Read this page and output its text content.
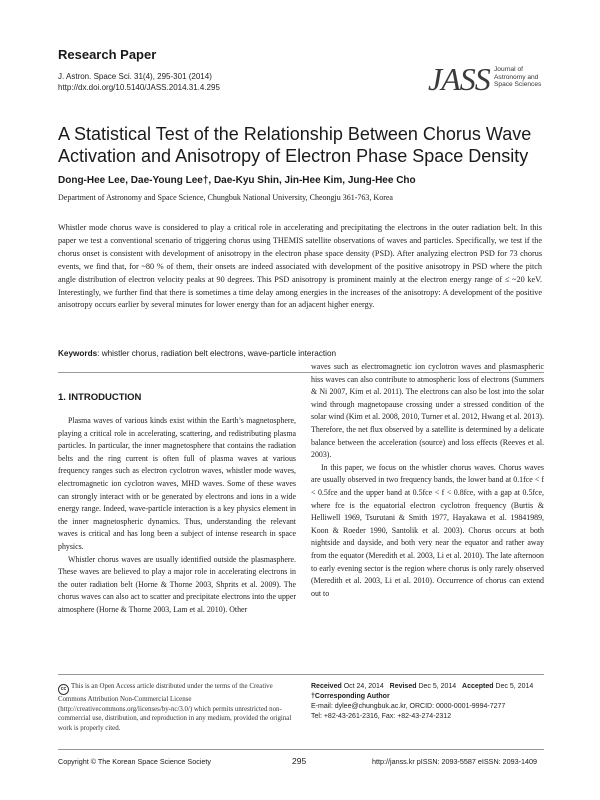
Research Paper
J. Astron. Space Sci. 31(4), 295-301 (2014)
http://dx.doi.org/10.5140/JASS.2014.31.4.295	JASS Journal of
Astronomy and
Space Sciences
A Statistical Test of the Relationship Between Chorus Wave
Activation and Anisotropy of Electron Phase Space Density
Dong-Hee Lee, Dae-Young Lee†, Dae-Kyu Shin, Jin-Hee Kim, Jung-Hee Cho
Department of Astronomy and Space Science, Chungbuk National University, Cheongju 361-763, Korea
Whistler mode chorus wave is considered to play a critical role in accelerating and precipitating the electrons in the outer radiation belt. In this paper we test a conventional scenario of triggering chorus using THEMIS satellite observations of waves and particles. Specifically, we test if the chorus onset is consistent with development of anisotropy in the electron phase space density (PSD). After analyzing electron PSD for 73 chorus events, we find that, for ~80 % of them, their onsets are indeed associated with development of the positive anisotropy in PSD where the pitch angle distribution of electron velocity peaks at 90 degrees. This PSD anisotropy is prominent mainly at the electron energy range of ≤ ~20 keV. Interestingly, we further find that there is sometimes a time delay among energies in the increases of the anisotropy: A development of the positive anisotropy occurs earlier by several minutes for lower energy than for an adjacent higher energy.
Keywords: whistler chorus, radiation belt electrons, wave-particle interaction
1. INTRODUCTION

Plasma waves of various kinds exist within the Earth’s magnetosphere, playing a critical role in accelerating, scattering, and redistributing plasma particles. In particular, the inner magnetosphere that contains the radiation belts and the ring current is often full of plasma waves at various frequency ranges such as electron cyclotron waves, whistler mode waves, electromagnetic ion cyclotron waves, MHD waves. Some of these waves can strongly interact with or be generated by electrons and ions in a wide energy range. Indeed, wave-particle interaction is a key physics element in the inner magnetospheric dynamics. Thus, understanding the relevant waves is critical and has long been a subject of intense research in space physics.

Whistler chorus waves are usually identified outside the plasmasphere. These waves are believed to play a major role in accelerating electrons in the outer radiation belt (Horne & Thorne 2003, Shprits et al. 2009). The chorus waves can also act to scatter and precipitate electrons into the upper atmosphere (Horne & Thorne 2003, Lam et al. 2010). Other

waves such as electromagnetic ion cyclotron waves and plasmaspheric hiss waves can also contribute to atmospheric loss of electrons (Summers & Ni 2007, Kim et al. 2011). The electrons can also be lost into the solar wind through magnetopause crossing under a stressed condition of the solar wind (Kim et al. 2008, 2010, Turner et al. 2012, Hwang et al. 2013). Therefore, the net flux observed by a satellite is determined by a delicate balance between the acceleration (source) and loss effects (Reeves et al. 2003).

In this paper, we focus on the whistler chorus waves. Chorus waves are usually observed in two frequency bands, the lower band at 0.1fce < f < 0.5fce and the upper band at 0.5fce < f < 0.8fce, with a gap at 0.5fce, where fce is the equatorial electron cyclotron frequency (Burtis & Helliwell 1969, Tsurutani & Smith 1977, Hayakawa et al. 19841989, Koon & Roeder 1990, Santolik et al. 2003). Chorus occurs at both nightside and dayside, and both very near the equator and rather away from the equator (Meredith et al. 2003, Li et al. 2010). The late afternoon to early evening sector is the region where chorus is only rarely observed (Meredith et al. 2003, Li et al. 2010). Occurrence of chorus can extend out to

cc This is an Open Access article distributed under the terms of the Creative Commons Attribution Non-Commercial License (http://creativecommons.org/licenses/by-nc/3.0/) which permits unrestricted non-commercial use, distribution, and reproduction in any medium, provided the original work is properly cited.
Received Oct 24, 2014 Revised Dec 5, 2014 Accepted Dec 5, 2014
†Corresponding Author
E-mail: dylee@chungbuk.ac.kr, ORCID: 0000-0001-9994-7277
Tel: +82-43-261-2316, Fax: +82-43-274-2312
Copyright © The Korean Space Science Society	295	http://janss.kr pISSN: 2093-5587 eISSN: 2093-1409
